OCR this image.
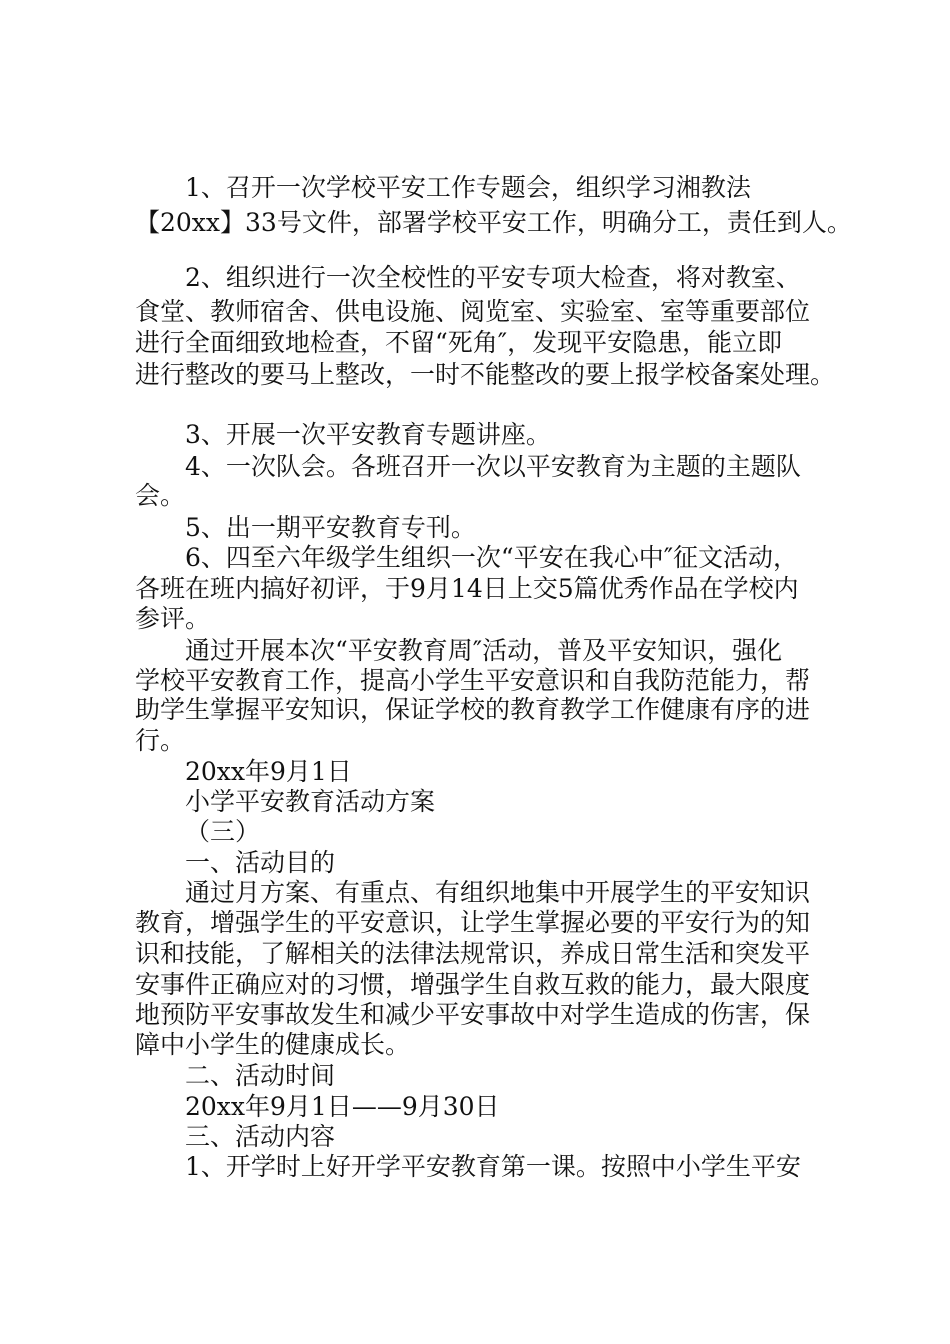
1、召开一次学校平安工作专题会，组织学习湘教法
【20xx】33号文件，部署学校平安工作，明确分工，责任到人。
2、组织进行一次全校性的平安专项大检查，将对教室、
食堂、教师宿舍、供电设施、阅览室、实验室、室等重要部位
进行全面细致地检查，不留“死角″，发现平安隐患，能立即
进行整改的要马上整改，一时不能整改的要上报学校备案处理。
3、开展一次平安教育专题讲座。
4、一次队会。各班召开一次以平安教育为主题的主题队
会。
5、出一期平安教育专刊。
6、四至六年级学生组织一次“平安在我心中″征文活动，
各班在班内搞好初评，于9月14日上交5篇优秀作品在学校内
参评。
通过开展本次“平安教育周″活动，普及平安知识，强化
学校平安教育工作，提高小学生平安意识和自我防范能力，帮
助学生掌握平安知识，保证学校的教育教学工作健康有序的进
行。
20xx年9月1日
小学平安教育活动方案
（三）
一、活动目的
通过月方案、有重点、有组织地集中开展学生的平安知识
教育，增强学生的平安意识，让学生掌握必要的平安行为的知
识和技能，了解相关的法律法规常识，养成日常生活和突发平
安事件正确应对的习惯，增强学生自救互救的能力，最大限度
地预防平安事故发生和减少平安事故中对学生造成的伤害，保
障中小学生的健康成长。
二、活动时间
20xx年9月1日——9月30日
三、活动内容
1、开学时上好开学平安教育第一课。按照中小学生平安
